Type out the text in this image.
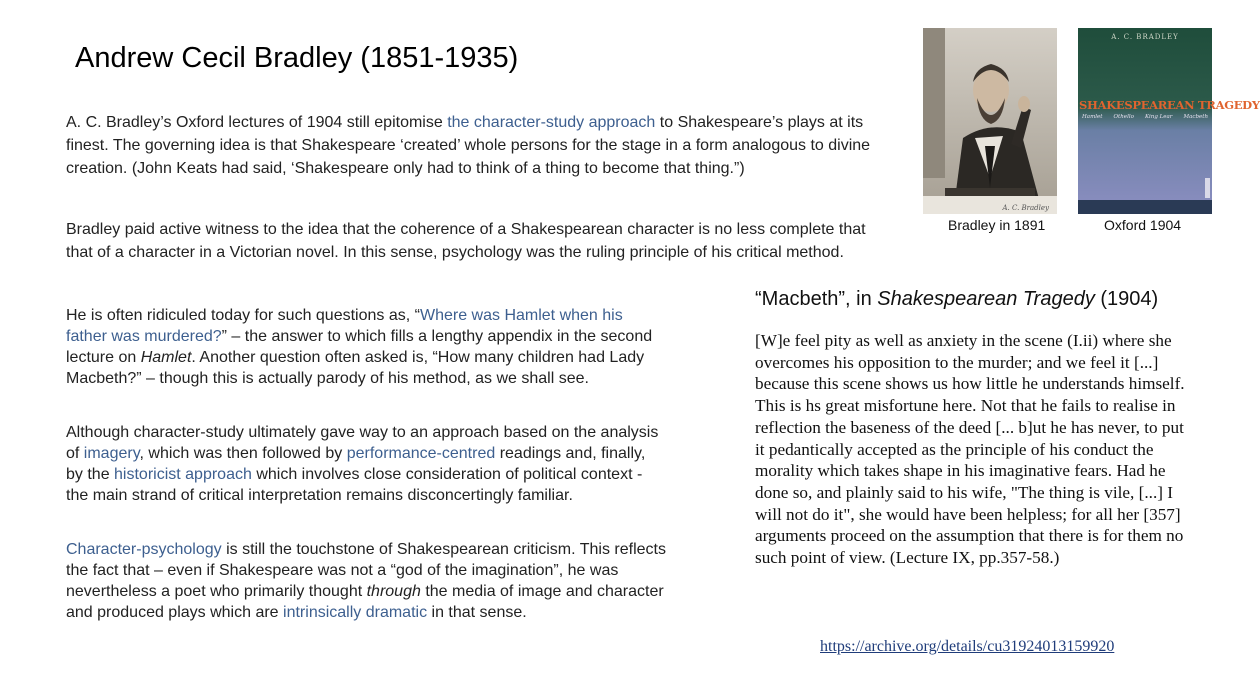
Andrew Cecil Bradley (1851-1935)

A. C. Bradley’s Oxford lectures of 1904 still epitomise the character-study approach to Shakespeare’s plays at its finest. The governing idea is that Shakespeare ‘created’ whole persons for the stage in a form analogous to divine creation. (John Keats had said, ‘Shakespeare only had to think of a thing to become that thing.”)

Bradley paid active witness to the idea that the coherence of a Shakespearean character is no less complete that that of a character in a Victorian novel. In this sense, psychology was the ruling principle of his critical method.

He is often ridiculed today for such questions as, “Where was Hamlet when his father was murdered?” – the answer to which fills a lengthy appendix in the second lecture on Hamlet. Another question often asked is, “How many children had Lady Macbeth?” – though this is actually parody of his method, as we shall see.

Although character-study ultimately gave way to an approach based on the analysis of imagery, which was then followed by performance-centred readings and, finally, by the historicist approach which involves close consideration of political context - the main strand of critical interpretation remains disconcertingly familiar.

Character-psychology is still the touchstone of Shakespearean criticism. This reflects the fact that – even if Shakespeare was not a “god of the imagination”, he was nevertheless a poet who primarily thought through the media of image and character and produced plays which are intrinsically dramatic in that sense.

A. C. Bradley
Bradley in 1891
A. C. BRADLEY
SHAKESPEAREAN TRAGEDY
Hamlet Othello King Lear Macbeth
Oxford 1904
“Macbeth”, in Shakespearean Tragedy (1904)

[W]e feel pity as well as anxiety in the scene (I.ii) where she overcomes his opposition to the murder; and we feel it [...] because this scene shows us how little he understands himself. This is hs great misfortune here. Not that he fails to realise in reflection the baseness of the deed [... b]ut he has never, to put it pedantically accepted as the principle of his conduct the morality which takes shape in his imaginative fears. Had he done so, and plainly said to his wife, "The thing is vile, [...] I will not do it", she would have been helpless; for all her [357] arguments proceed on the assumption that there is for them no such point of view. (Lecture IX, pp.357-58.)

https://archive.org/details/cu31924013159920
